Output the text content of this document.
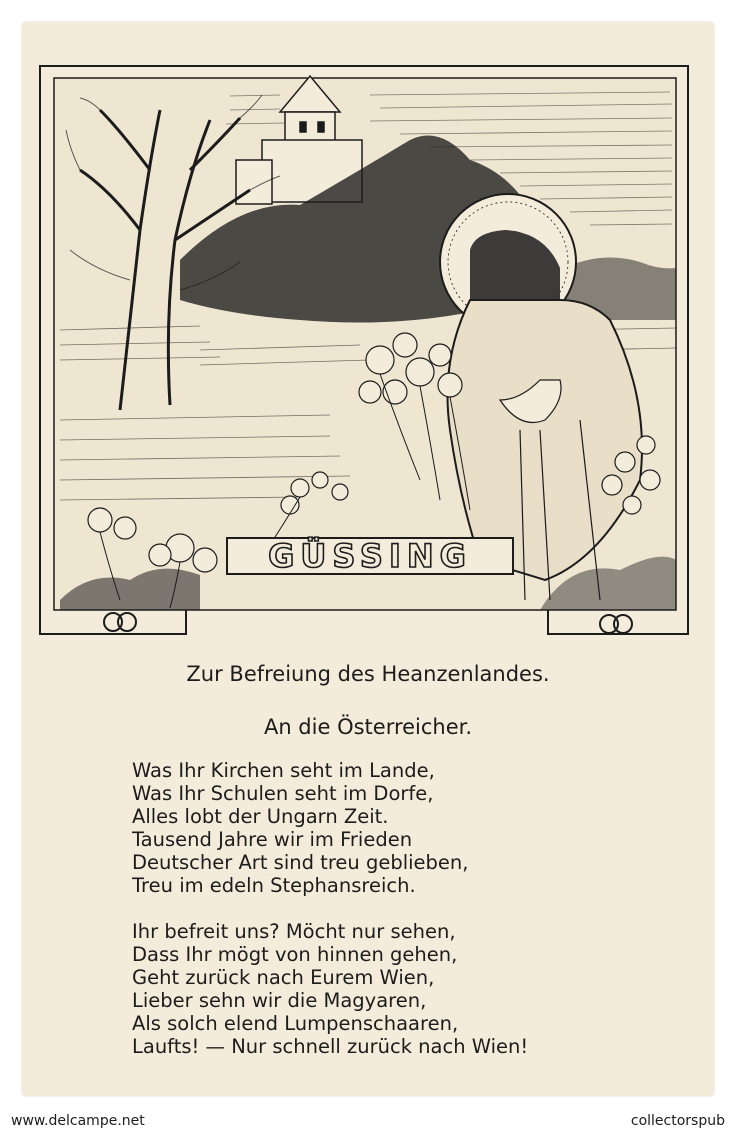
GÜSSING
Zur Befreiung des Heanzenlandes.
An die Österreicher.
Was Ihr Kirchen seht im Lande,
Was Ihr Schulen seht im Dorfe,
Alles lobt der Ungarn Zeit.
Tausend Jahre wir im Frieden
Deutscher Art sind treu geblieben,
Treu im edeln Stephansreich.
Ihr befreit uns? Möcht nur sehen,
Dass Ihr mögt von hinnen gehen,
Geht zurück nach Eurem Wien,
Lieber sehn wir die Magyaren,
Als solch elend Lumpenschaaren,
Laufts! — Nur schnell zurück nach Wien!
www.delcampe.net	collectorspub
